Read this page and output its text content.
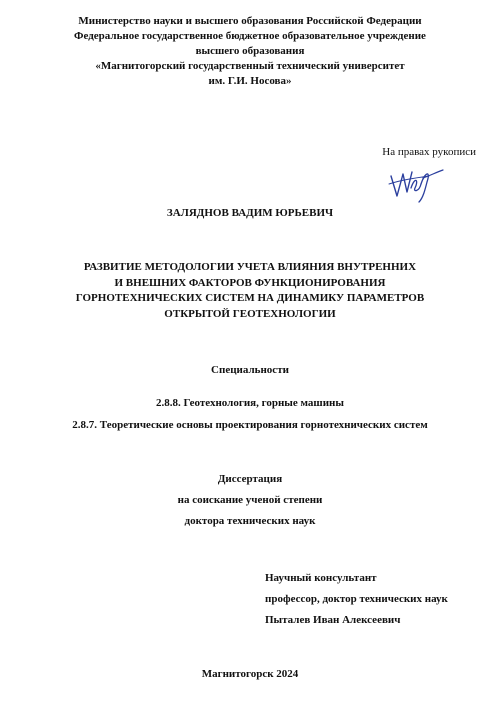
Министерство науки и высшего образования Российской Федерации
Федеральное государственное бюджетное образовательное учреждение
высшего образования
«Магнитогорский государственный технический университет
им. Г.И. Носова»
На правах рукописи
ЗАЛЯДНОВ ВАДИМ ЮРЬЕВИЧ
РАЗВИТИЕ МЕТОДОЛОГИИ УЧЕТА ВЛИЯНИЯ ВНУТРЕННИХ
И ВНЕШНИХ ФАКТОРОВ ФУНКЦИОНИРОВАНИЯ
ГОРНОТЕХНИЧЕСКИХ СИСТЕМ НА ДИНАМИКУ ПАРАМЕТРОВ
ОТКРЫТОЙ ГЕОТЕХНОЛОГИИ
Специальности
2.8.8. Геотехнология, горные машины
2.8.7. Теоретические основы проектирования горнотехнических систем
Диссертация
на соискание ученой степени
доктора технических наук
Научный консультант
профессор, доктор технических наук
Пыталев Иван Алексеевич
Магнитогорск 2024
